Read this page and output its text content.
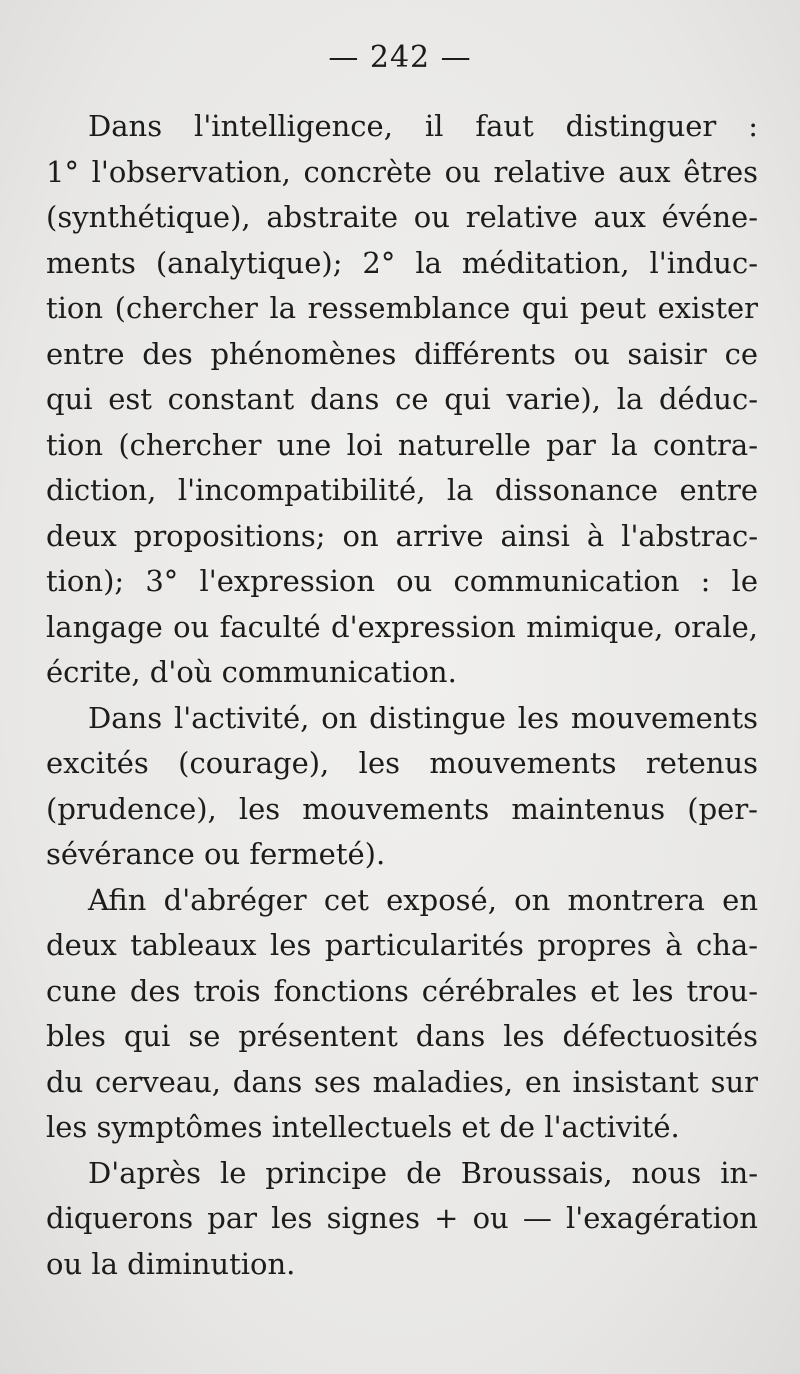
— 242 —
Dans l'intelligence, il faut distinguer :
1° l'observation, concrète ou relative aux êtres
(synthétique), abstraite ou relative aux événe-
ments (analytique); 2° la méditation, l'induc-
tion (chercher la ressemblance qui peut exister
entre des phénomènes différents ou saisir ce
qui est constant dans ce qui varie), la déduc-
tion (chercher une loi naturelle par la contra-
diction, l'incompatibilité, la dissonance entre
deux propositions; on arrive ainsi à l'abstrac-
tion); 3° l'expression ou communication : le
langage ou faculté d'expression mimique, orale,
écrite, d'où communication.
Dans l'activité, on distingue les mouvements
excités (courage), les mouvements retenus
(prudence), les mouvements maintenus (per-
sévérance ou fermeté).
Afin d'abréger cet exposé, on montrera en
deux tableaux les particularités propres à cha-
cune des trois fonctions cérébrales et les trou-
bles qui se présentent dans les défectuosités
du cerveau, dans ses maladies, en insistant sur
les symptômes intellectuels et de l'activité.
D'après le principe de Broussais, nous in-
diquerons par les signes + ou — l'exagération
ou la diminution.
